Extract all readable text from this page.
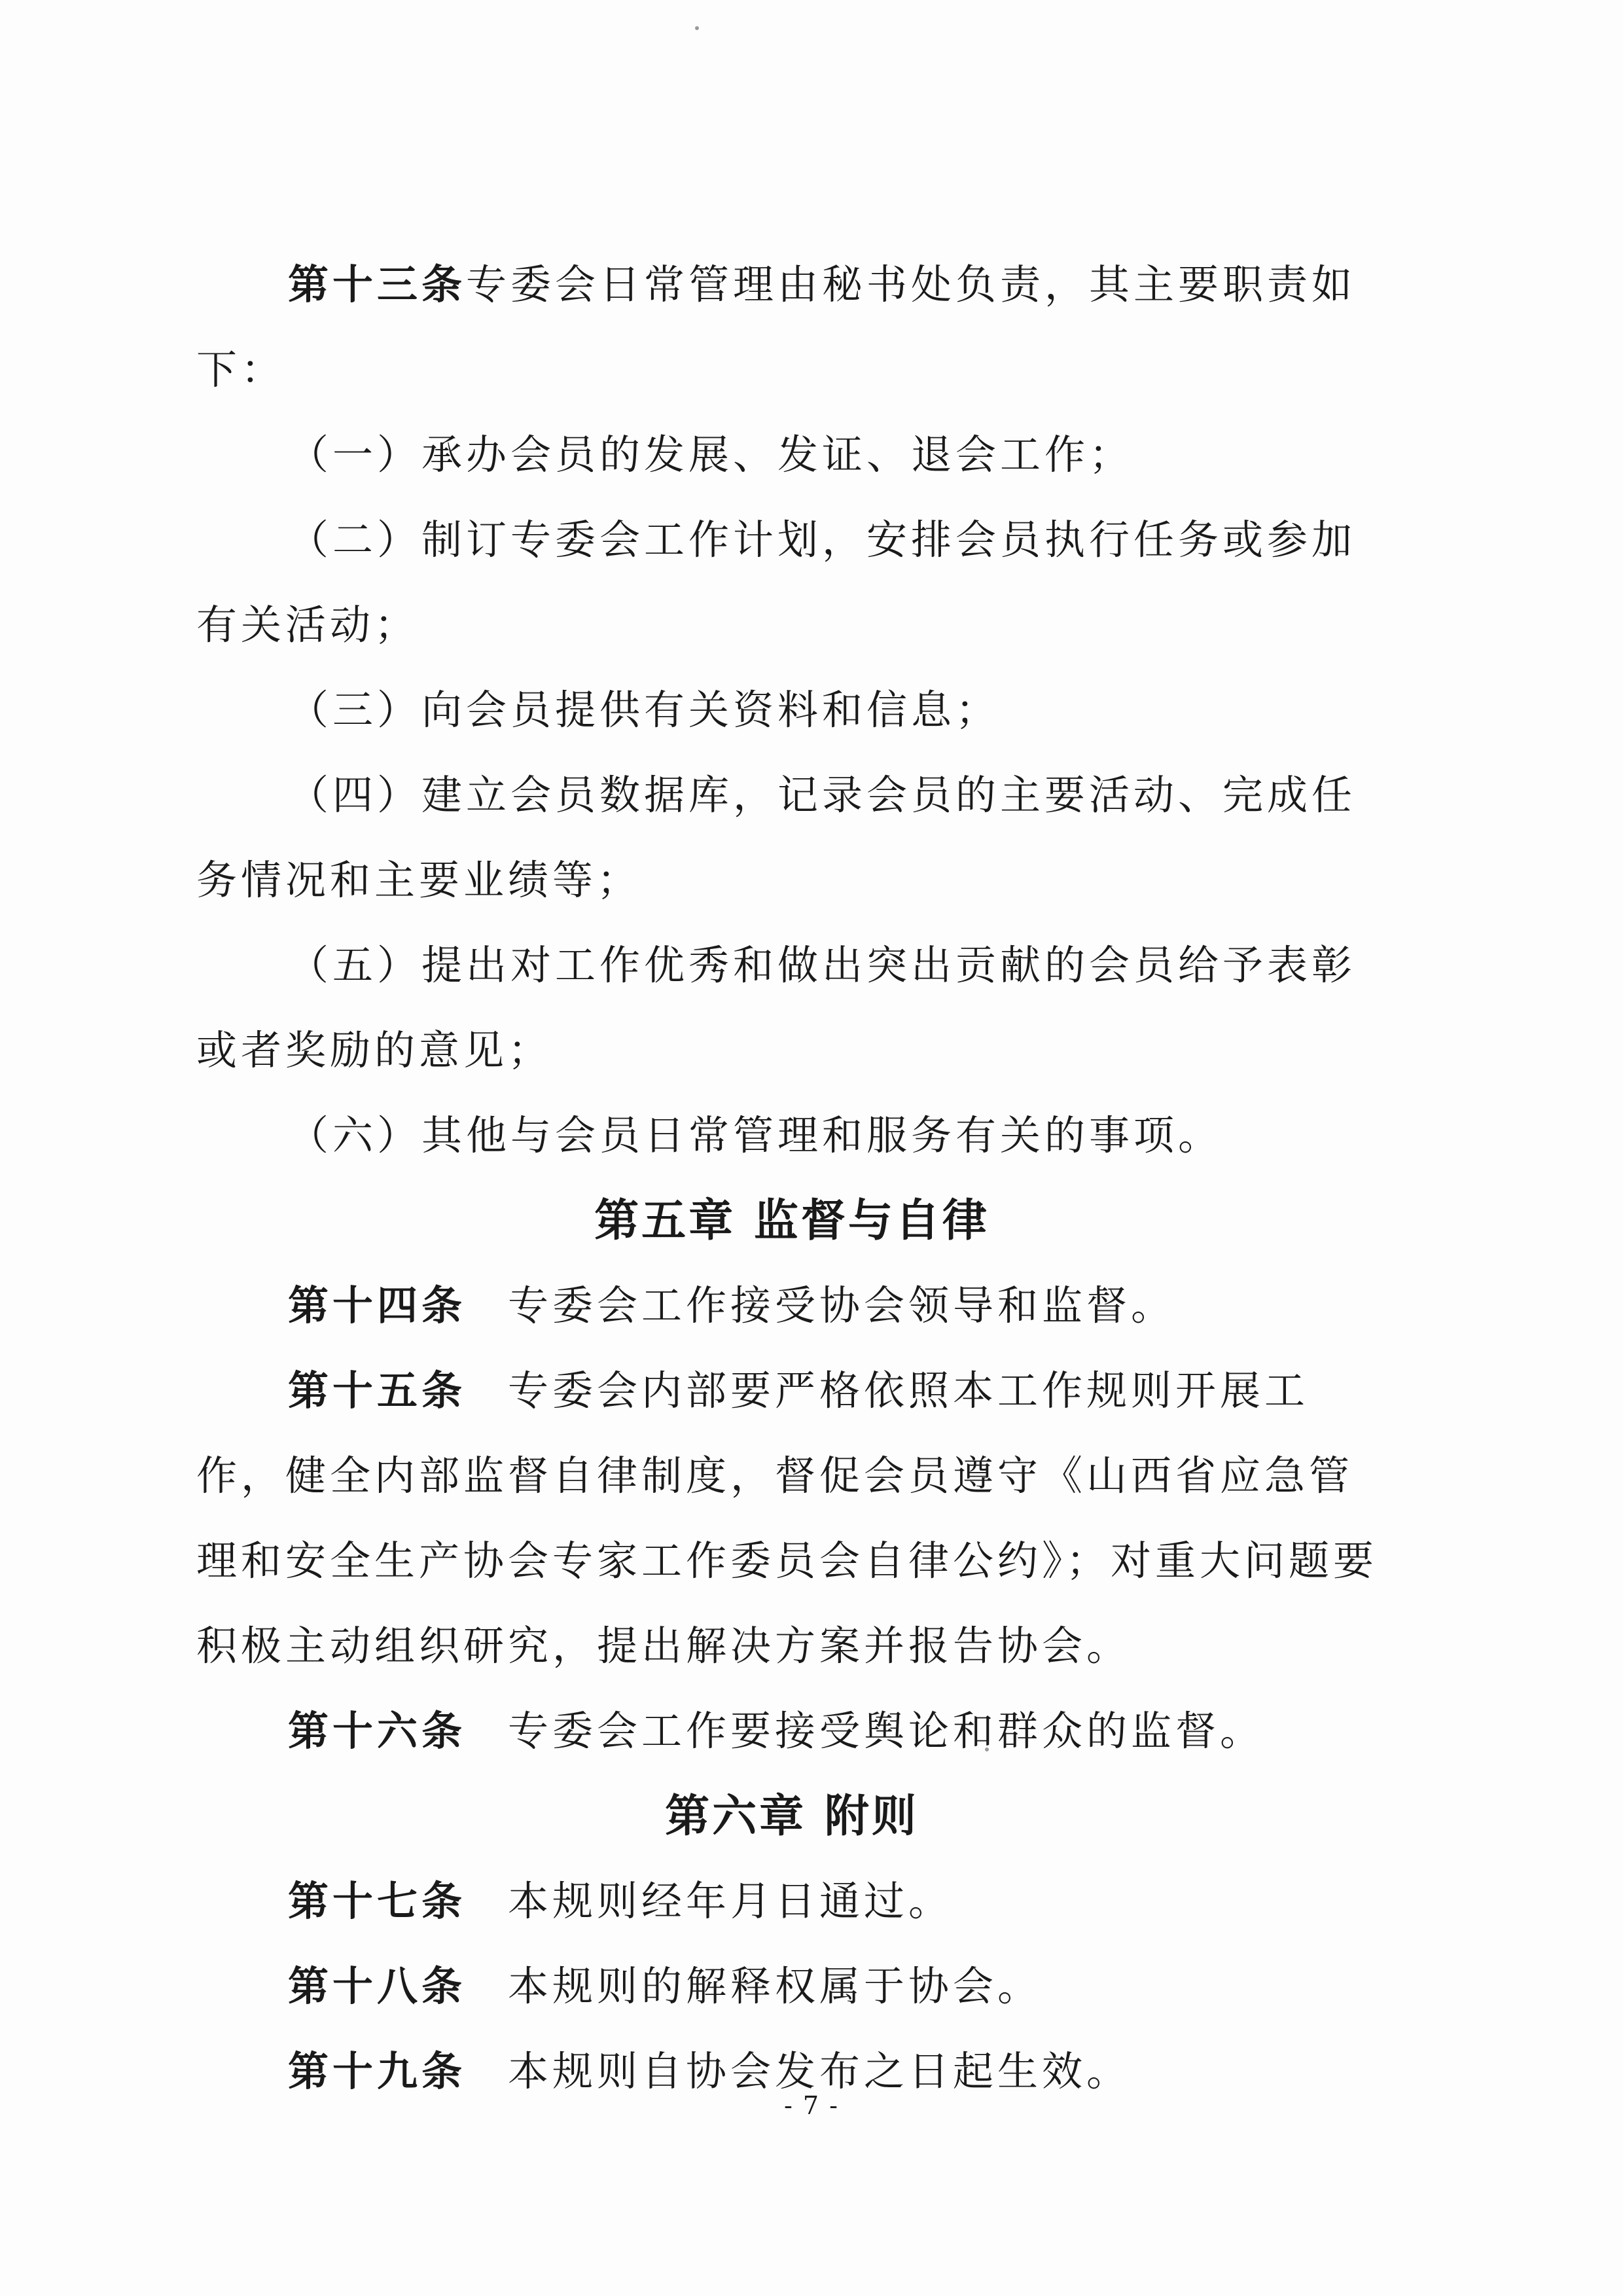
第十三条专委会日常管理由秘书处负责，其主要职责如下：

（一）承办会员的发展、发证、退会工作；

（二）制订专委会工作计划，安排会员执行任务或参加有关活动；

（三）向会员提供有关资料和信息；

（四）建立会员数据库，记录会员的主要活动、完成任务情况和主要业绩等；

（五）提出对工作优秀和做出突出贡献的会员给予表彰或者奖励的意见；

（六）其他与会员日常管理和服务有关的事项。

第五章 监督与自律

第十四条 专委会工作接受协会领导和监督。

第十五条 专委会内部要严格依照本工作规则开展工作，健全内部监督自律制度，督促会员遵守《山西省应急管理和安全生产协会专家工作委员会自律公约》；对重大问题要积极主动组织研究，提出解决方案并报告协会。

第十六条 专委会工作要接受舆论和群众的监督。

第六章 附则

第十七条 本规则经年月日通过。

第十八条 本规则的解释权属于协会。

第十九条 本规则自协会发布之日起生效。

- 7 -
